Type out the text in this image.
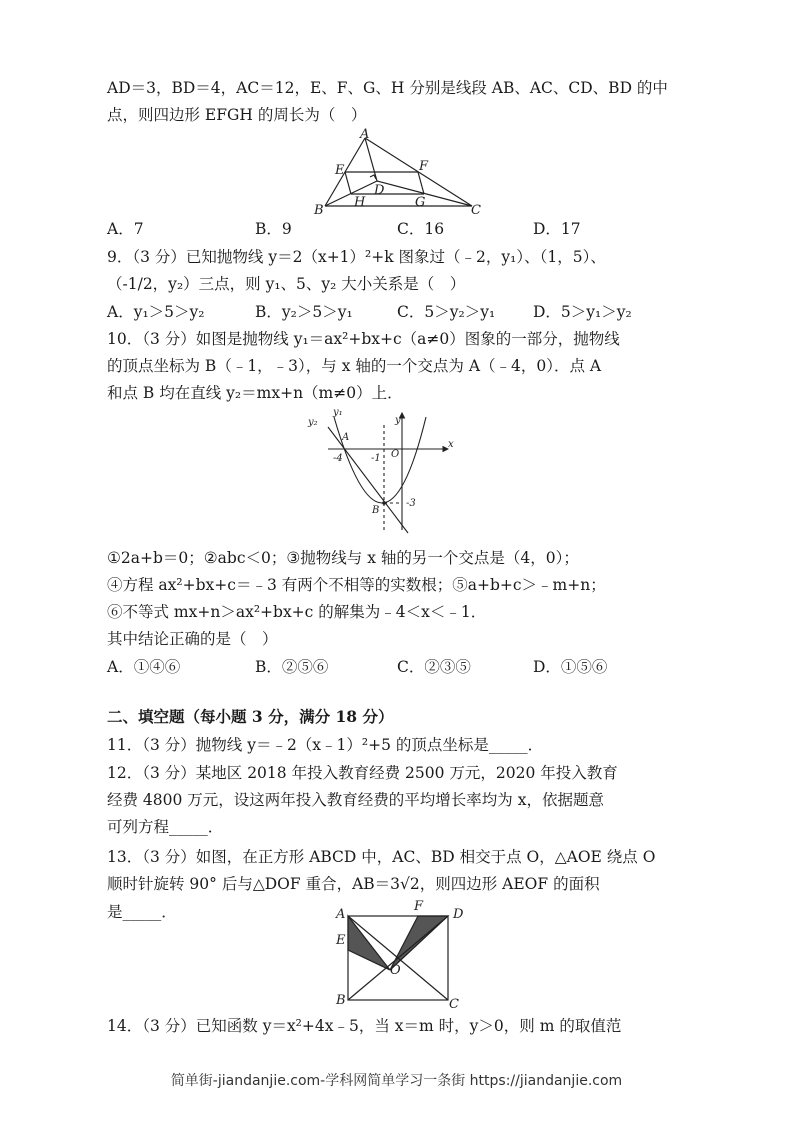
AD＝3，BD＝4，AC＝12，E、F、G、H 分别是线段 AB、AC、CD、BD 的中
点，则四边形 EFGH 的周长为（　）
A
E	F
D
B
H	G
C
A．7	B．9	C．16	D．17
9．（3 分）已知抛物线 y＝2（x+1）²+k 图象过（﹣2，y₁）、（1，5）、
（-1/2，y₂）三点，则 y₁、5、y₂ 大小关系是（　）
A．y₁＞5＞y₂	B．y₂＞5＞y₁	C．5＞y₂＞y₁ D．5＞y₁＞y₂
10．（3 分）如图是抛物线 y₁＝ax²+bx+c（a≠0）图象的一部分，抛物线
的顶点坐标为 B（﹣1，﹣3），与 x 轴的一个交点为 A（﹣4，0）．点 A
和点 B 均在直线 y₂＝mx+n（m≠0）上．
y₂
y₁
y
x
A
-4	-1 O
B
-3
①2a+b＝0；②abc＜0；③抛物线与 x 轴的另一个交点是（4，0）；
④方程 ax²+bx+c＝﹣3 有两个不相等的实数根；⑤a+b+c＞﹣m+n；
⑥不等式 mx+n＞ax²+bx+c 的解集为﹣4＜x＜﹣1．
其中结论正确的是（　）
A．①④⑥	B．②⑤⑥	C．②③⑤	D．①⑤⑥
二、填空题（每小题 3 分，满分 18 分）
11．（3 分）抛物线 y＝﹣2（x﹣1）²+5 的顶点坐标是_____．
12．（3 分）某地区 2018 年投入教育经费 2500 万元，2020 年投入教育
经费 4800 万元，设这两年投入教育经费的平均增长率均为 x，依据题意
可列方程_____．
13．（3 分）如图，在正方形 ABCD 中，AC、BD 相交于点 O，△AOE 绕点 O
顺时针旋转 90° 后与△DOF 重合，AB＝3√2，则四边形 AEOF 的面积
是_____．	A
F
D
E
O
B	C
14．（3 分）已知函数 y＝x²+4x﹣5，当 x＝m 时，y＞0，则 m 的取值范
简单街-jiandanjie.com-学科网简单学习一条街 https://jiandanjie.com
